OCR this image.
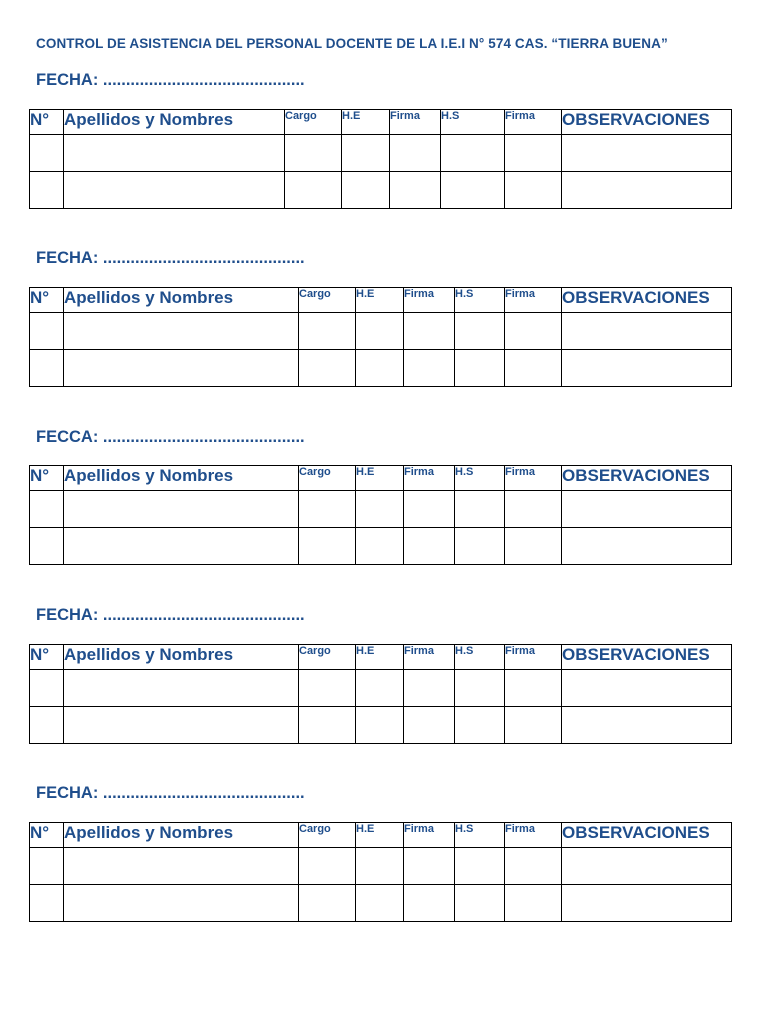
CONTROL DE ASISTENCIA DEL PERSONAL DOCENTE DE LA I.E.I N° 574 CAS. “TIERRA BUENA”
FECHA: ............................................
N°	Apellidos y Nombres	Cargo	H.E	Firma	H.S	Firma	OBSERVACIONES

FECHA: ............................................
N°	Apellidos y Nombres	Cargo	H.E	Firma	H.S	Firma	OBSERVACIONES

FECCA: ............................................
N°	Apellidos y Nombres	Cargo	H.E	Firma	H.S	Firma	OBSERVACIONES

FECHA: ............................................
N°	Apellidos y Nombres	Cargo	H.E	Firma	H.S	Firma	OBSERVACIONES

FECHA: ............................................
N°	Apellidos y Nombres	Cargo	H.E	Firma	H.S	Firma	OBSERVACIONES
